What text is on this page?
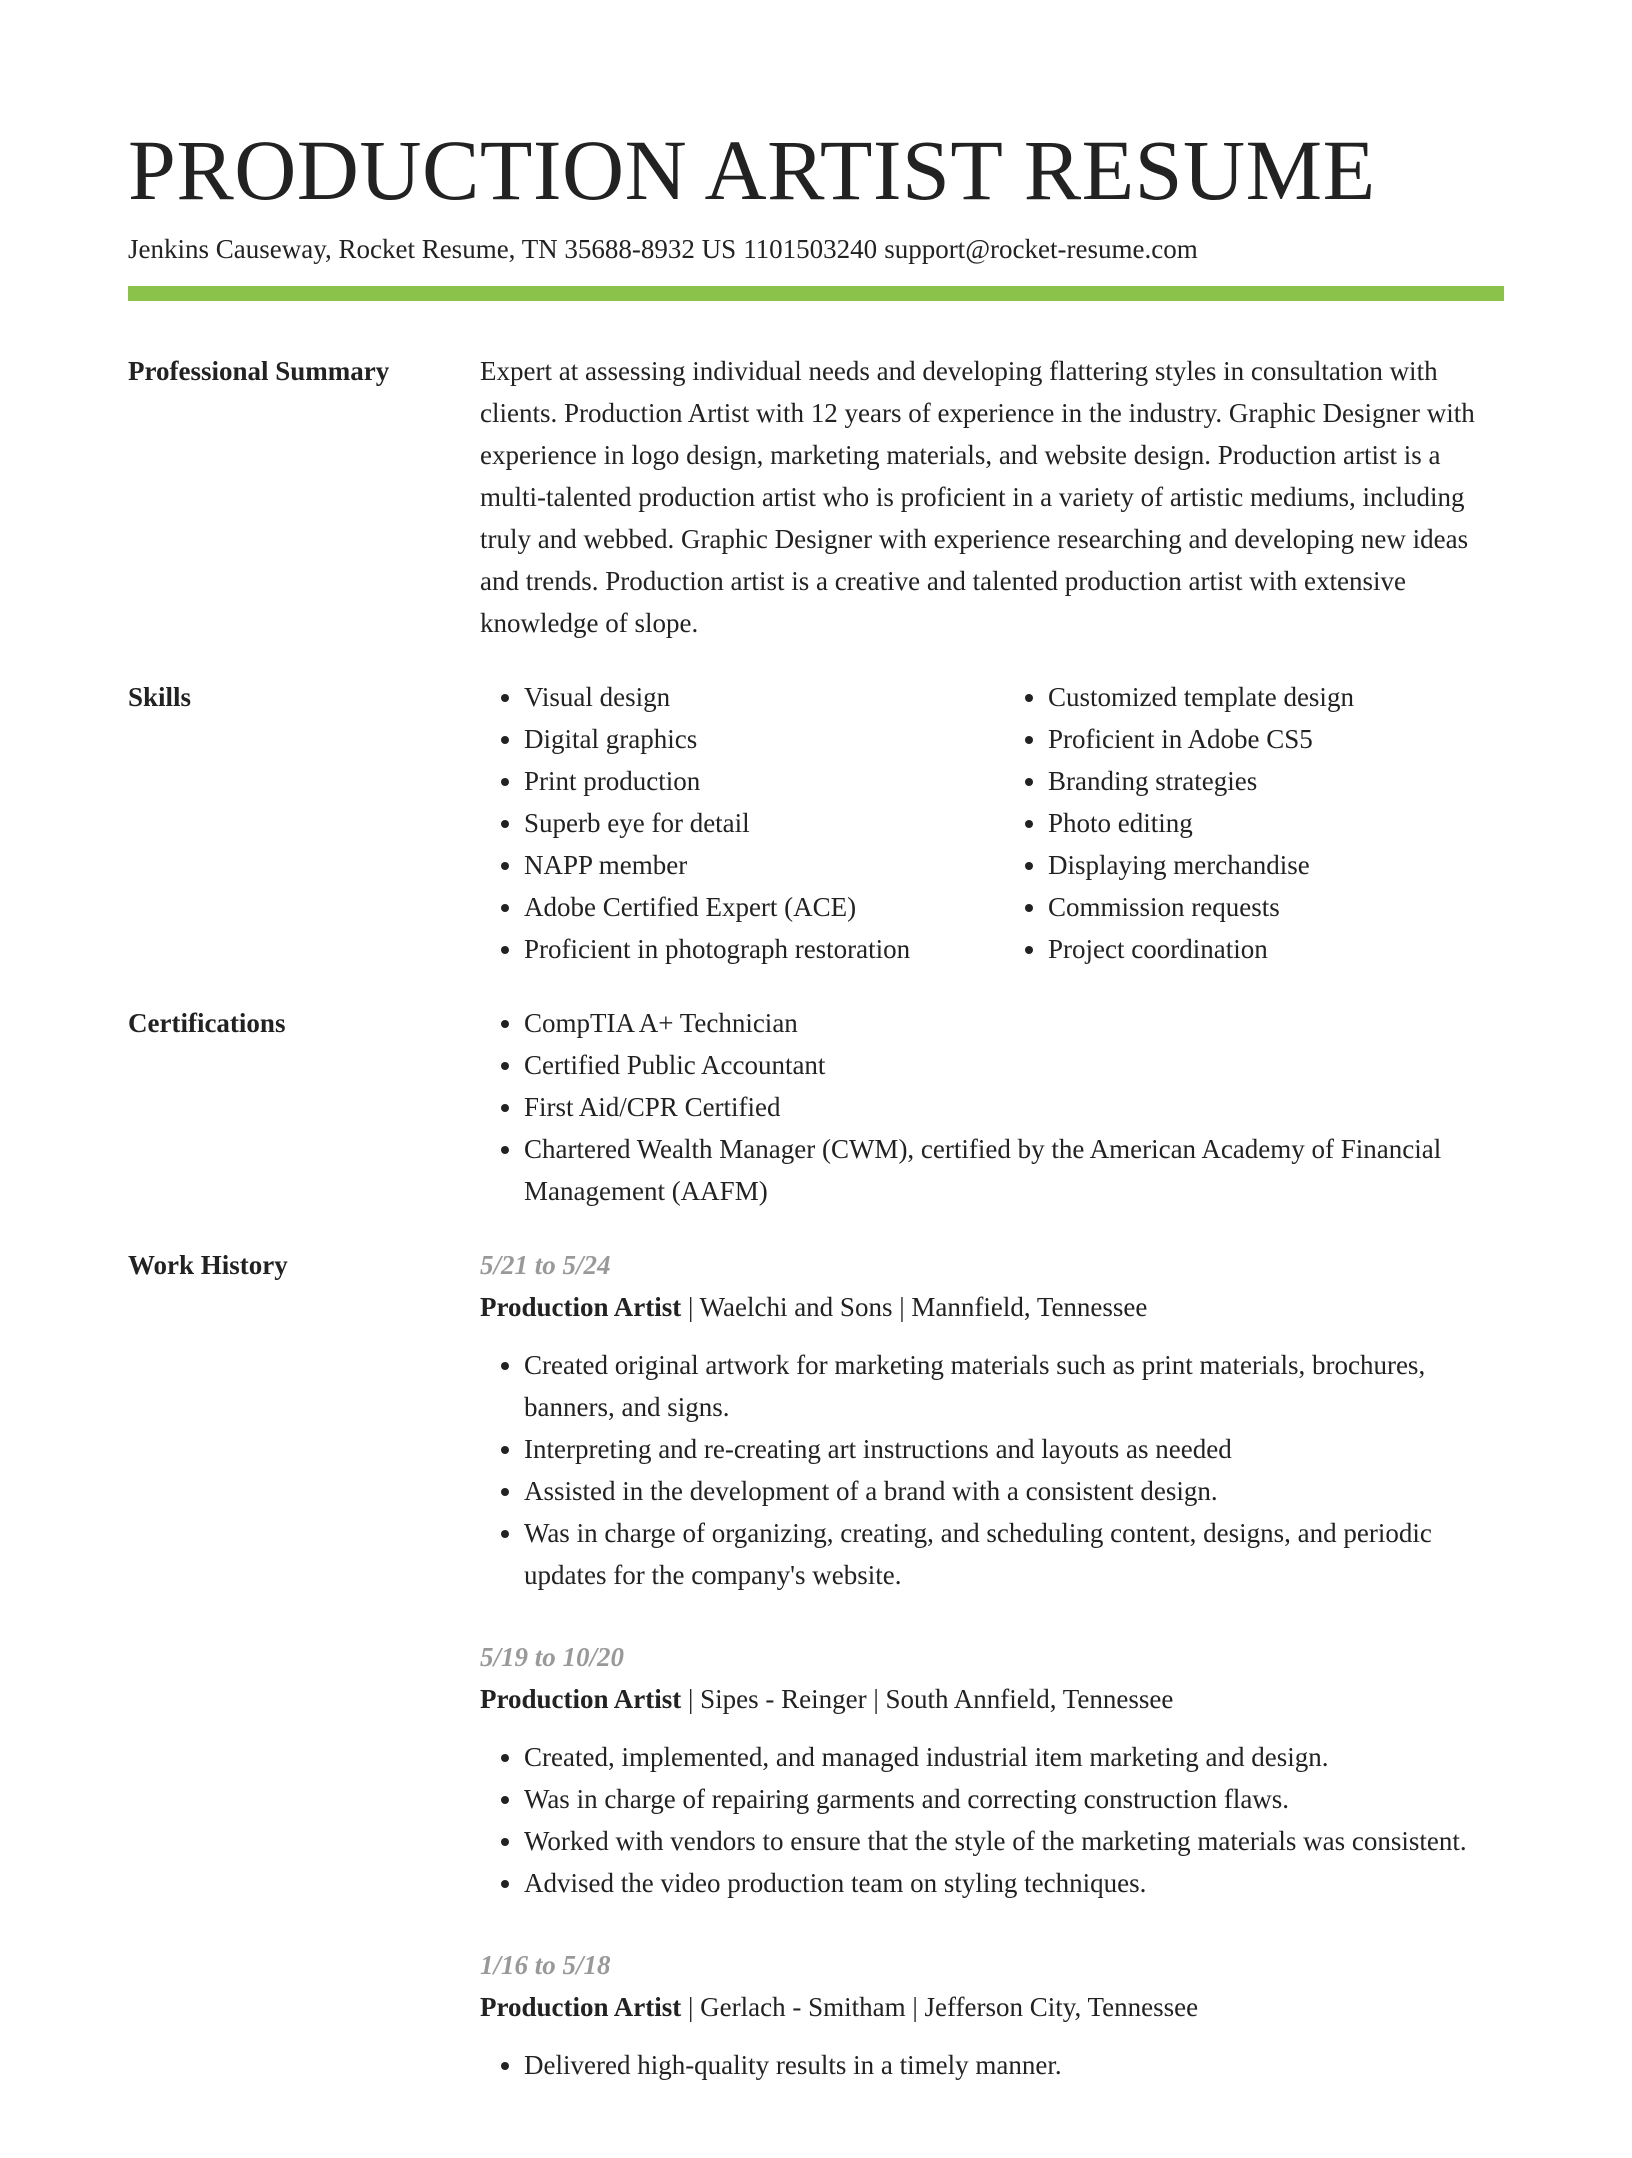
PRODUCTION ARTIST RESUME
Jenkins Causeway, Rocket Resume, TN 35688-8932 US 1101503240 support@rocket-resume.com
Professional Summary	Expert at assessing individual needs and developing flattering styles in consultation with clients. Production Artist with 12 years of experience in the industry. Graphic Designer with experience in logo design, marketing materials, and website design. Production artist is a multi-talented production artist who is proficient in a variety of artistic mediums, including truly and webbed. Graphic Designer with experience researching and developing new ideas and trends. Production artist is a creative and talented production artist with extensive knowledge of slope.

Skills	• Visual design
• Digital graphics
• Print production
• Superb eye for detail
• NAPP member
• Adobe Certified Expert (ACE)
• Proficient in photograph restoration
• Customized template design
• Proficient in Adobe CS5
• Branding strategies
• Photo editing
• Displaying merchandise
• Commission requests
• Project coordination
Certifications	• CompTIA A+ Technician
• Certified Public Accountant
• First Aid/CPR Certified
• Chartered Wealth Manager (CWM), certified by the American Academy of Financial Management (AAFM)
Work History	5/21 to 5/24
Production Artist | Waelchi and Sons | Mannfield, Tennessee
• Created original artwork for marketing materials such as print materials, brochures, banners, and signs.
• Interpreting and re-creating art instructions and layouts as needed
• Assisted in the development of a brand with a consistent design.
• Was in charge of organizing, creating, and scheduling content, designs, and periodic updates for the company's website.
5/19 to 10/20
Production Artist | Sipes - Reinger | South Annfield, Tennessee
• Created, implemented, and managed industrial item marketing and design.
• Was in charge of repairing garments and correcting construction flaws.
• Worked with vendors to ensure that the style of the marketing materials was consistent.
• Advised the video production team on styling techniques.
1/16 to 5/18
Production Artist | Gerlach - Smitham | Jefferson City, Tennessee
• Delivered high-quality results in a timely manner.
